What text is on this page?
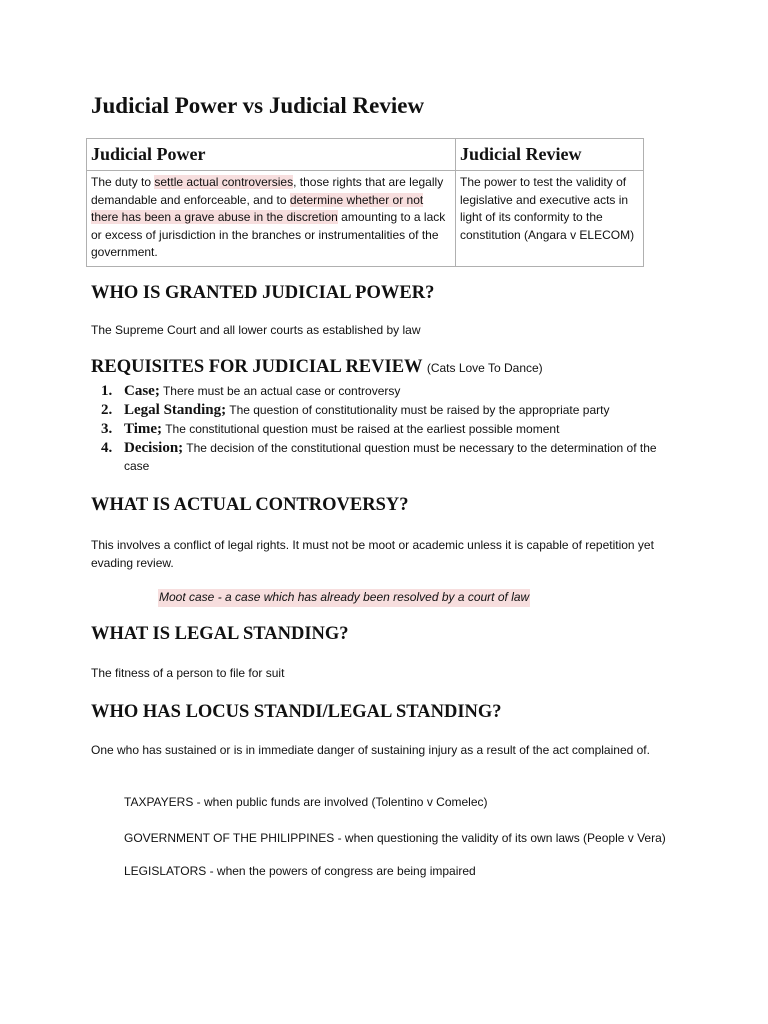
Judicial Power vs Judicial Review
Judicial Power	Judicial Review
The duty to settle actual controversies, those rights that are legally demandable and enforceable, and to determine whether or not there has been a grave abuse in the discretion amounting to a lack or excess of jurisdiction in the branches or instrumentalities of the government.	The power to test the validity of legislative and executive acts in light of its conformity to the constitution (Angara v ELECOM)
WHO IS GRANTED JUDICIAL POWER?

The Supreme Court and all lower courts as established by law

REQUISITES FOR JUDICIAL REVIEW (Cats Love To Dance)
1. Case; There must be an actual case or controversy
2. Legal Standing; The question of constitutionality must be raised by the appropriate party
3. Time; The constitutional question must be raised at the earliest possible moment
4. Decision; The decision of the constitutional question must be necessary to the determination of the case
WHAT IS ACTUAL CONTROVERSY?

This involves a conflict of legal rights. It must not be moot or academic unless it is capable of repetition yet evading review.

Moot case - a case which has already been resolved by a court of law

WHAT IS LEGAL STANDING?

The fitness of a person to file for suit

WHO HAS LOCUS STANDI/LEGAL STANDING?

One who has sustained or is in immediate danger of sustaining injury as a result of the act complained of.

TAXPAYERS - when public funds are involved (Tolentino v Comelec)

GOVERNMENT OF THE PHILIPPINES - when questioning the validity of its own laws (People v Vera)

LEGISLATORS - when the powers of congress are being impaired
